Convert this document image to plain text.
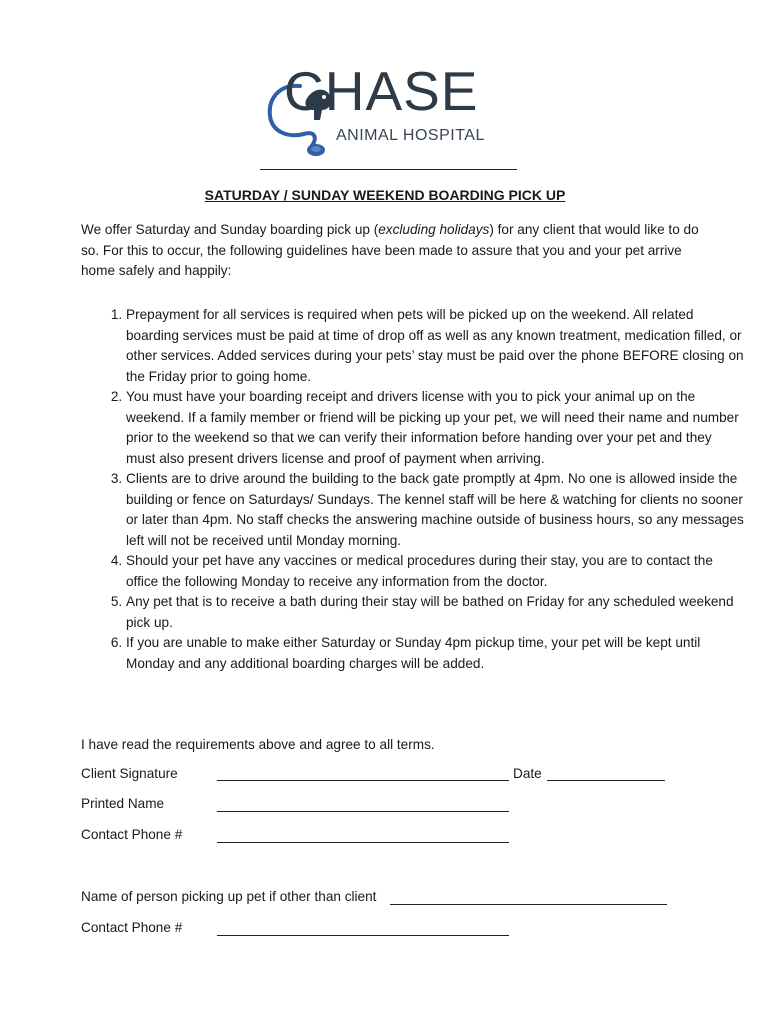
CHASE
ANIMAL HOSPITAL
SATURDAY / SUNDAY WEEKEND BOARDING PICK UP
We offer Saturday and Sunday boarding pick up (excluding holidays) for any client that would like to do so. For this to occur, the following guidelines have been made to assure that you and your pet arrive home safely and happily:
1. Prepayment for all services is required when pets will be picked up on the weekend. All related boarding services must be paid at time of drop off as well as any known treatment, medication filled, or other services. Added services during your pets’ stay must be paid over the phone BEFORE closing on the Friday prior to going home.
2. You must have your boarding receipt and drivers license with you to pick your animal up on the weekend. If a family member or friend will be picking up your pet, we will need their name and number prior to the weekend so that we can verify their information before handing over your pet and they must also present drivers license and proof of payment when arriving.
3. Clients are to drive around the building to the back gate promptly at 4pm. No one is allowed inside the building or fence on Saturdays/ Sundays. The kennel staff will be here & watching for clients no sooner or later than 4pm. No staff checks the answering machine outside of business hours, so any messages left will not be received until Monday morning.
4. Should your pet have any vaccines or medical procedures during their stay, you are to contact the office the following Monday to receive any information from the doctor.
5. Any pet that is to receive a bath during their stay will be bathed on Friday for any scheduled weekend pick up.
6. If you are unable to make either Saturday or Sunday 4pm pickup time, your pet will be kept until Monday and any additional boarding charges will be added.
I have read the requirements above and agree to all terms.
Client Signature	Date
Printed Name
Contact Phone #
Name of person picking up pet if other than client
Contact Phone #
